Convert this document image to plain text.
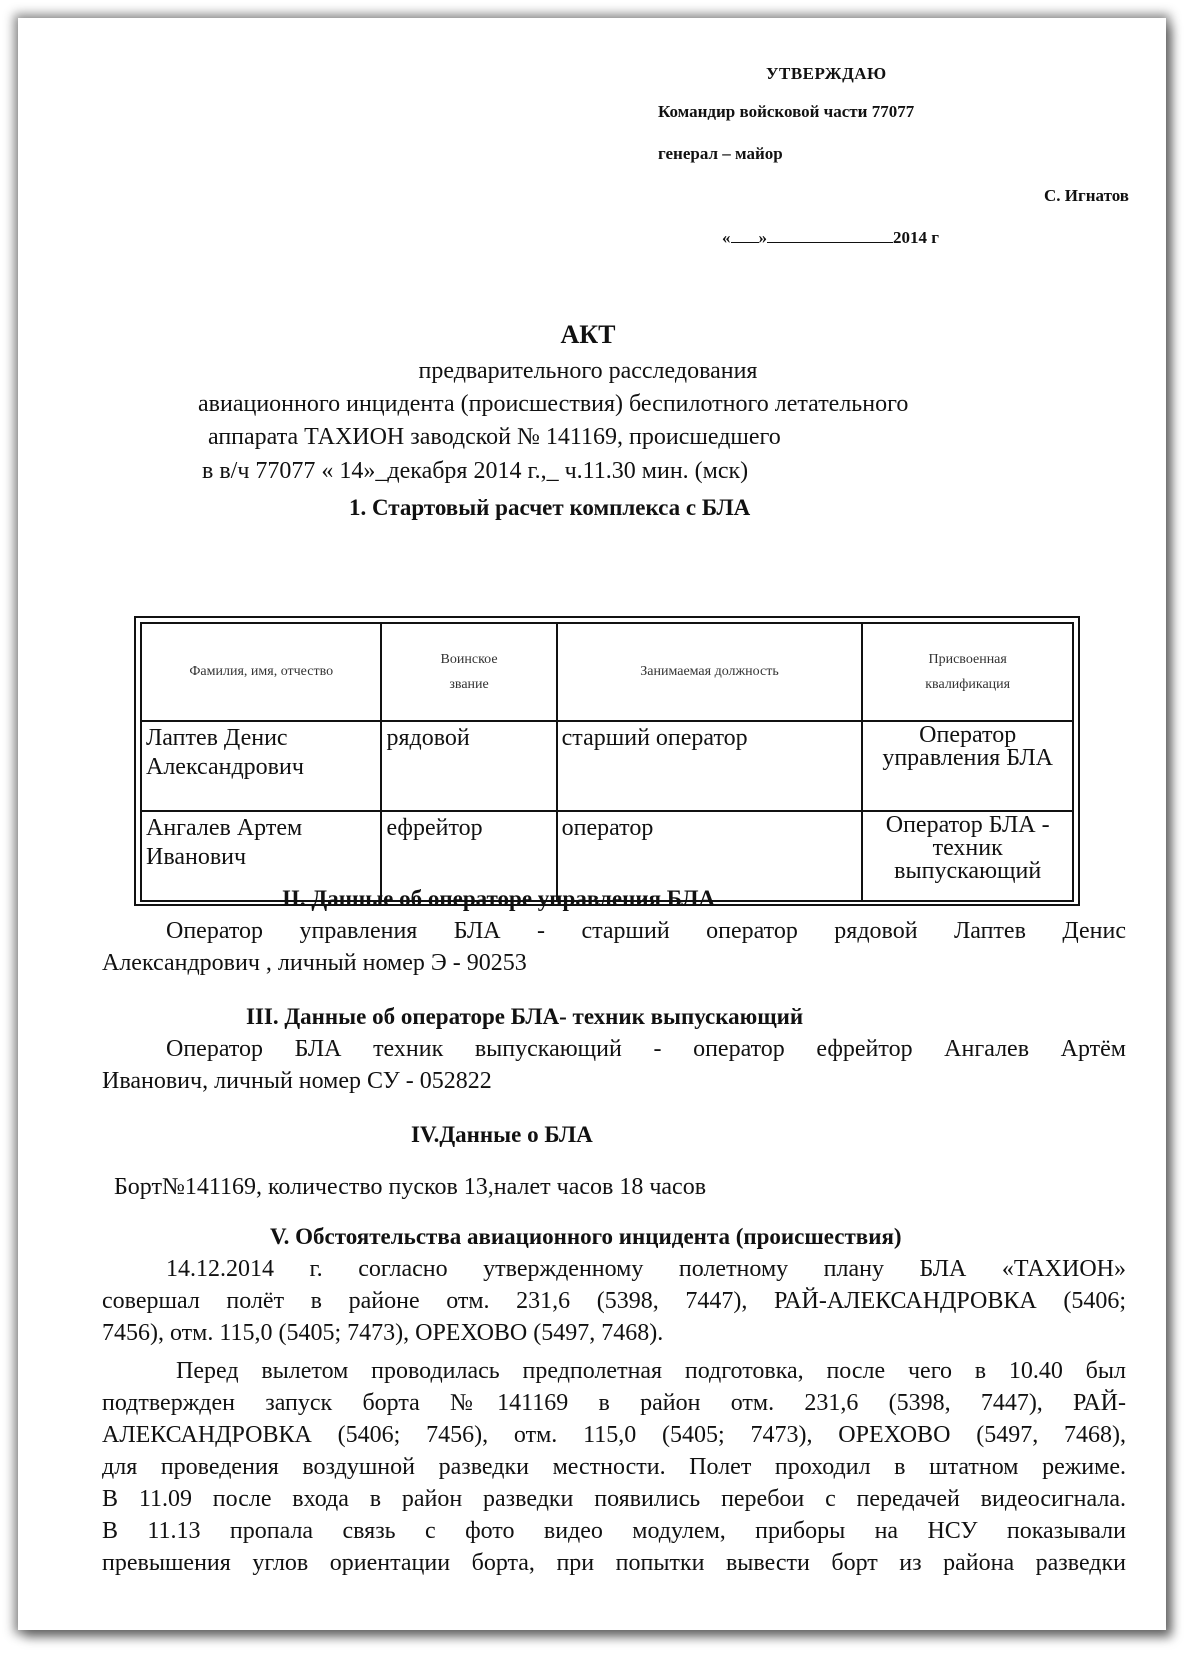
УТВЕРЖДАЮ
Командир войсковой части 77077
генерал – майор
С. Игнатов
« »	2014 г
АКТ
предварительного расследования
авиационного инцидента (происшествия) беспилотного летательного
аппарата ТАХИОН заводской № 141169, происшедшего
в в/ч 77077 « 14»_декабря 2014 г.,_ ч.11.30 мин. (мск)
1. Стартовый расчет комплекса с БЛА
Фамилия, имя, отчество	Воинское звание	Занимаемая должность	Присвоенная квалификация
Лаптев Денис Александрович	рядовой	старший оператор	Оператор управления БЛА
Ангалев Артем Иванович	ефрейтор	оператор	Оператор БЛА - техник выпускающий
II. Данные об операторе управления БЛА
Оператор управления БЛА - старший оператор рядовой Лаптев Денис
Александрович , личный номер Э - 90253
III. Данные об операторе БЛА- техник выпускающий
Оператор БЛА техник выпускающий - оператор ефрейтор Ангалев Артём
Иванович, личный номер СУ - 052822
IV.Данные о БЛА
Борт№141169, количество пусков 13,налет часов 18 часов
V. Обстоятельства авиационного инцидента (происшествия)
14.12.2014 г. согласно утвержденному полетному плану БЛА «ТАХИОН»
совершал полёт в районе отм. 231,6 (5398, 7447), РАЙ-АЛЕКСАНДРОВКА (5406;
7456), отм. 115,0 (5405; 7473), ОРЕХОВО (5497, 7468).
Перед вылетом проводилась предполетная подготовка, после чего в 10.40 был
подтвержден запуск борта №141169 в район отм. 231,6 (5398, 7447), РАЙ-
АЛЕКСАНДРОВКА (5406; 7456), отм. 115,0 (5405; 7473), ОРЕХОВО (5497, 7468),
для проведения воздушной разведки местности. Полет проходил в штатном режиме.
В 11.09 после входа в район разведки появились перебои с передачей видеосигнала.
В 11.13 пропала связь с фото видео модулем, приборы на НСУ показывали
превышения углов ориентации борта, при попытки вывести борт из района разведки
